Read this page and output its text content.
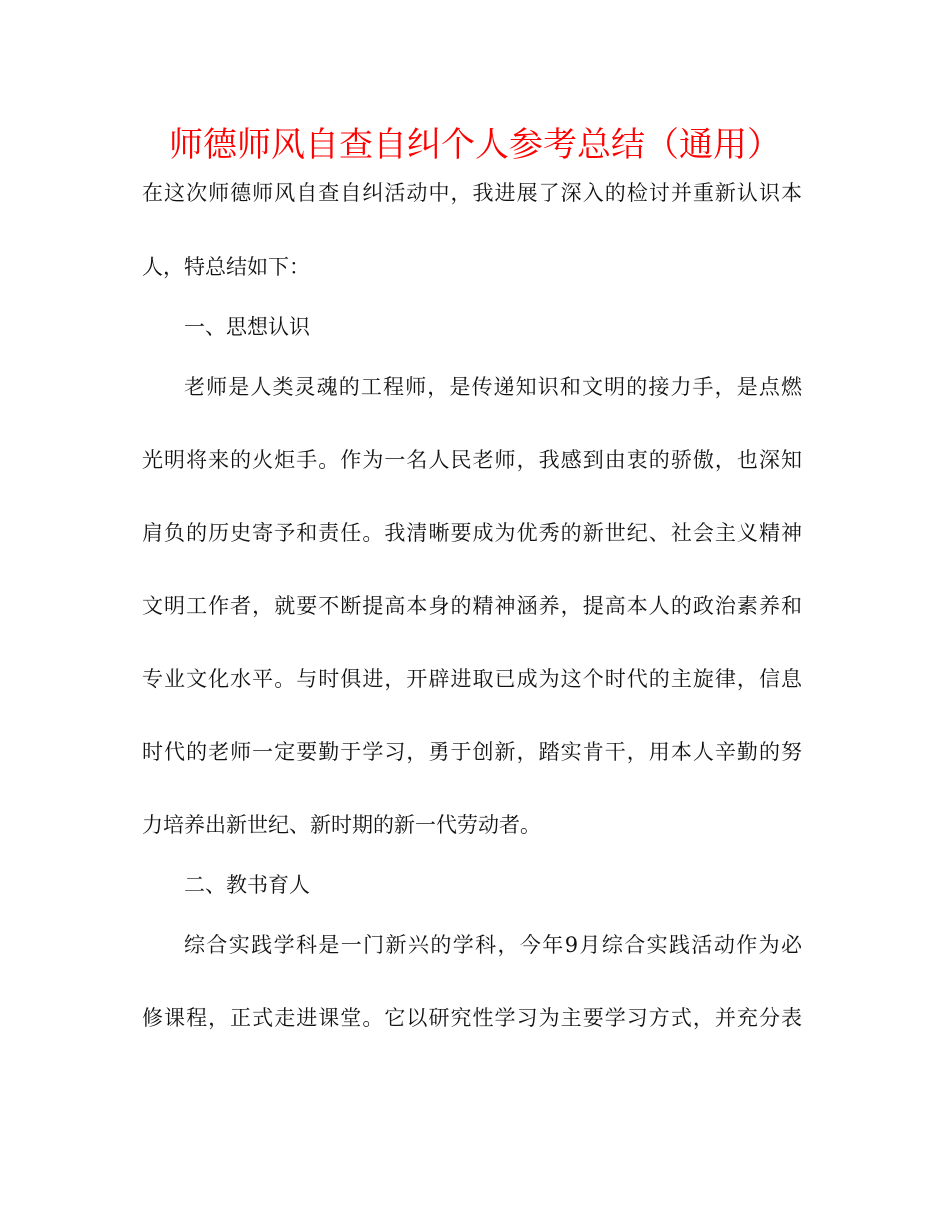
师德师风自查自纠个人参考总结（通用）
在这次师德师风自查自纠活动中，我进展了深入的检讨并重新认识本
人，特总结如下：
一、思想认识
老师是人类灵魂的工程师，是传递知识和文明的接力手，是点燃
光明将来的火炬手。作为一名人民老师，我感到由衷的骄傲，也深知
肩负的历史寄予和责任。我清晰要成为优秀的新世纪、社会主义精神
文明工作者，就要不断提高本身的精神涵养，提高本人的政治素养和
专业文化水平。与时俱进，开辟进取已成为这个时代的主旋律，信息
时代的老师一定要勤于学习，勇于创新，踏实肯干，用本人辛勤的努
力培养出新世纪、新时期的新一代劳动者。
二、教书育人
综合实践学科是一门新兴的学科，今年9月综合实践活动作为必
修课程，正式走进课堂。它以研究性学习为主要学习方式，并充分表
